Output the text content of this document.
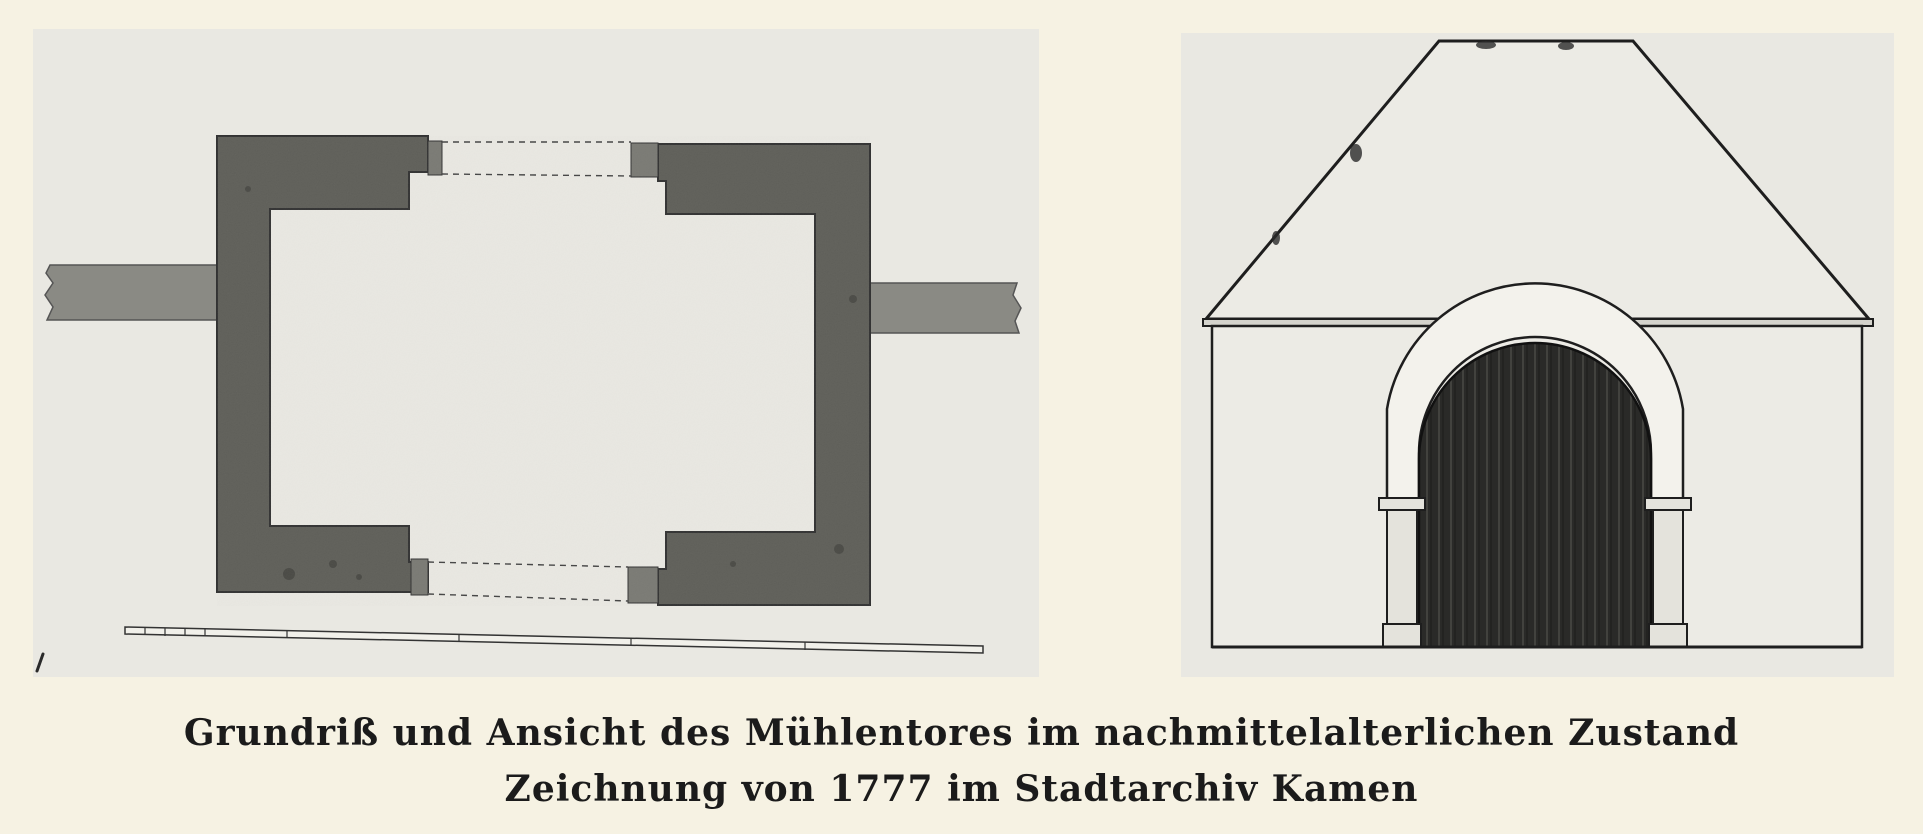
Grundriß und Ansicht des Mühlentores im nachmittelalterlichen Zustand
Zeichnung von 1777 im Stadtarchiv Kamen
